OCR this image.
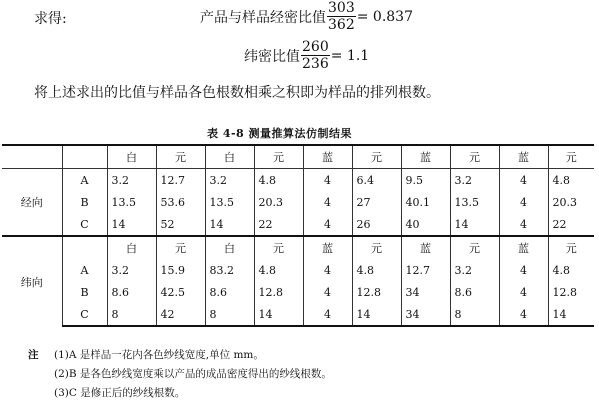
求得:	产品与样品经密比值 $\frac{303}{362} = 0.837$
纬密比值 $\frac{260}{236} = 1.1$
将上述求出的比值与样品各色根数相乘之积即为样品的排列根数。
表 4-8 测量推算法仿制结果
		白	元	白	元	蓝	元	蓝	元	蓝	元
经向	A	3.2	12.7	3.2	4.8	4	6.4	9.5	3.2	4	4.8
	B	13.5	53.6	13.5	20.3	4	27	40.1	13.5	4	20.3
	C	14	52	14	22	4	26	40	14	4	22
纬向		白	元	白	元	蓝	元	蓝	元	蓝	元
	A	3.2	15.9	83.2	4.8	4	4.8	12.7	3.2	4	4.8
	B	8.6	42.5	8.6	12.8	4	12.8	34	8.6	4	12.8
	C	8	42	8	14	4	14	34	8	4	14
注 (1)A 是样品一花内各色纱线宽度,单位 mm。
(2)B 是各色纱线宽度乘以产品的成品密度得出的纱线根数。
(3)C 是修正后的纱线根数。
